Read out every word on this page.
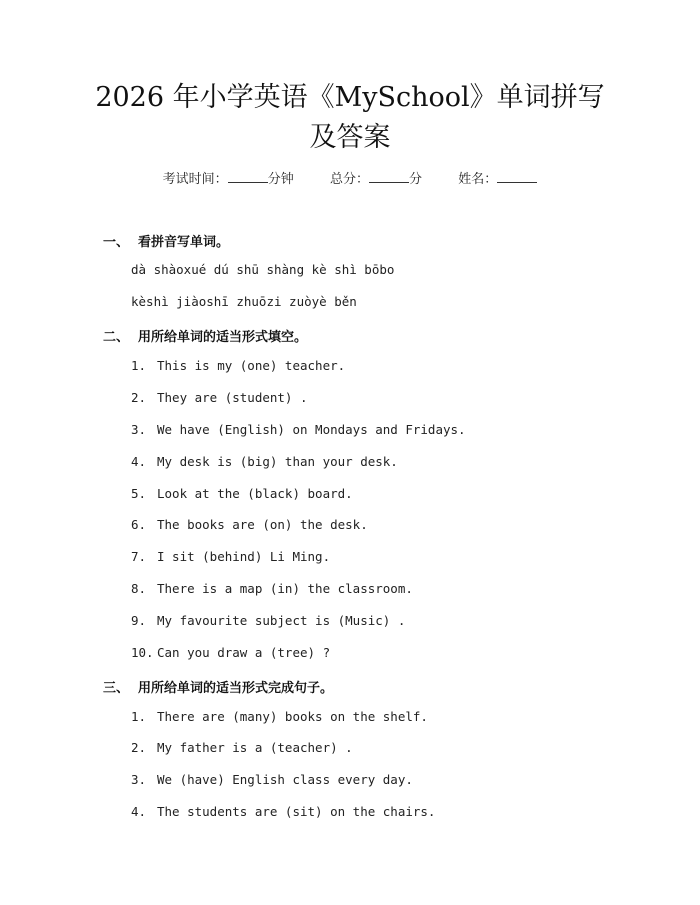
2026 年小学英语《MySchool》单词拼写及答案
考试时间：	分钟	总分：	分	姓名：
一、 看拼音写单词。
dà shàoxué dú shū shàng kè shì bōbo
kèshì jiàoshī zhuōzi zuòyè běn
二、 用所给单词的适当形式填空。
1. This is my (one) teacher.
2. They are (student) .
3. We have (English) on Mondays and Fridays.
4. My desk is (big) than your desk.
5. Look at the (black) board.
6. The books are (on) the desk.
7. I sit (behind) Li Ming.
8. There is a map (in) the classroom.
9. My favourite subject is (Music) .
10. Can you draw a (tree) ?
三、 用所给单词的适当形式完成句子。
1. There are (many) books on the shelf.
2. My father is a (teacher) .
3. We (have) English class every day.
4. The students are (sit) on the chairs.
